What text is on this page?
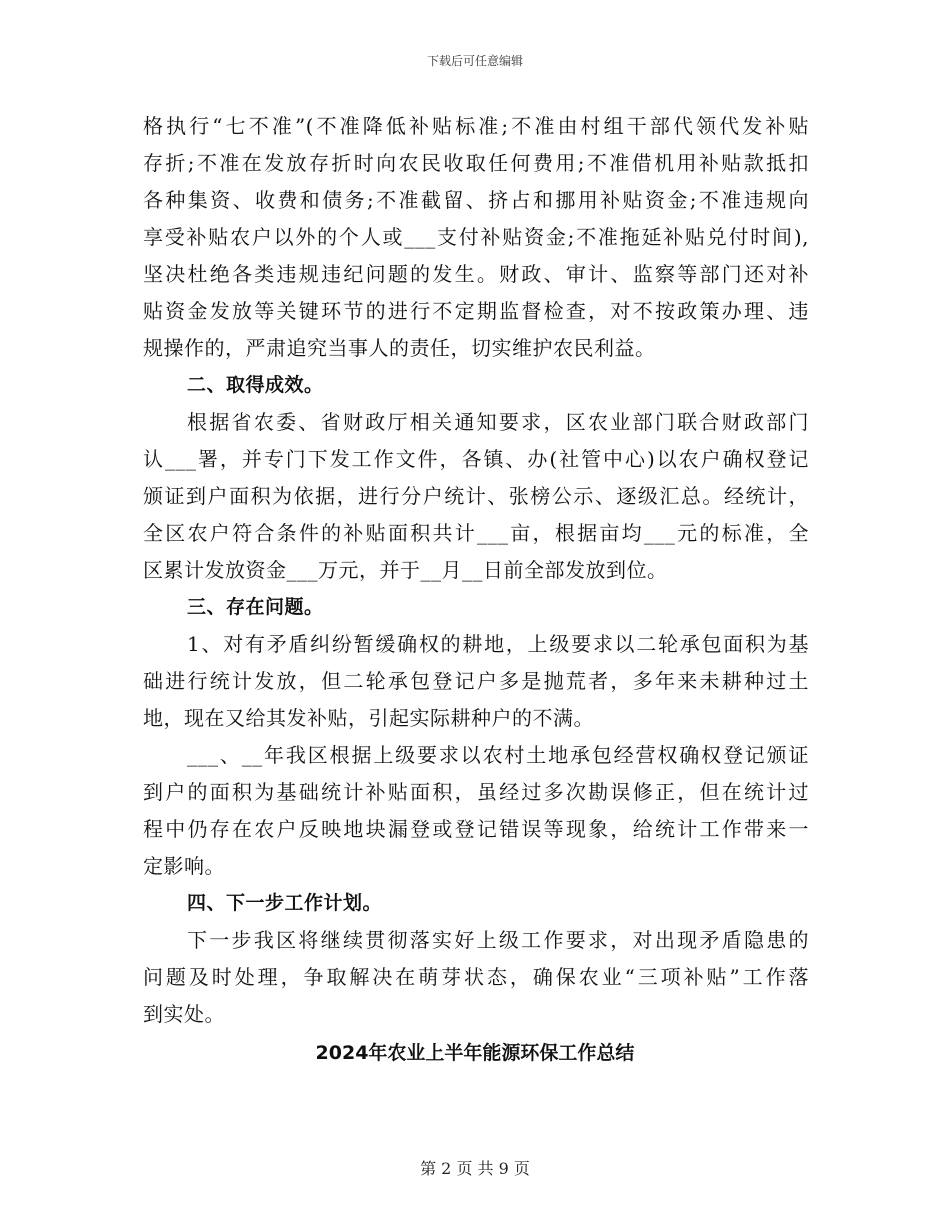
下载后可任意编辑
格执行“七不准”(不准降低补贴标准;不准由村组干部代领代发补贴
存折;不准在发放存折时向农民收取任何费用;不准借机用补贴款抵扣
各种集资、收费和债务;不准截留、挤占和挪用补贴资金;不准违规向
享受补贴农户以外的个人或___支付补贴资金;不准拖延补贴兑付时间),
坚决杜绝各类违规违纪问题的发生。财政、审计、监察等部门还对补
贴资金发放等关键环节的进行不定期监督检查，对不按政策办理、违
规操作的，严肃追究当事人的责任，切实维护农民利益。
二、取得成效。
根据省农委、省财政厅相关通知要求，区农业部门联合财政部门
认___署，并专门下发工作文件，各镇、办(社管中心)以农户确权登记
颁证到户面积为依据，进行分户统计、张榜公示、逐级汇总。经统计，
全区农户符合条件的补贴面积共计___亩，根据亩均___元的标准，全
区累计发放资金___万元，并于__月__日前全部发放到位。
三、存在问题。
1、对有矛盾纠纷暂缓确权的耕地，上级要求以二轮承包面积为基
础进行统计发放，但二轮承包登记户多是抛荒者，多年来未耕种过土
地，现在又给其发补贴，引起实际耕种户的不满。
___、__年我区根据上级要求以农村土地承包经营权确权登记颁证
到户的面积为基础统计补贴面积，虽经过多次勘误修正，但在统计过
程中仍存在农户反映地块漏登或登记错误等现象，给统计工作带来一
定影响。
四、下一步工作计划。
下一步我区将继续贯彻落实好上级工作要求，对出现矛盾隐患的
问题及时处理，争取解决在萌芽状态，确保农业“三项补贴”工作落
到实处。
2024年农业上半年能源环保工作总结
第 2 页 共 9 页
